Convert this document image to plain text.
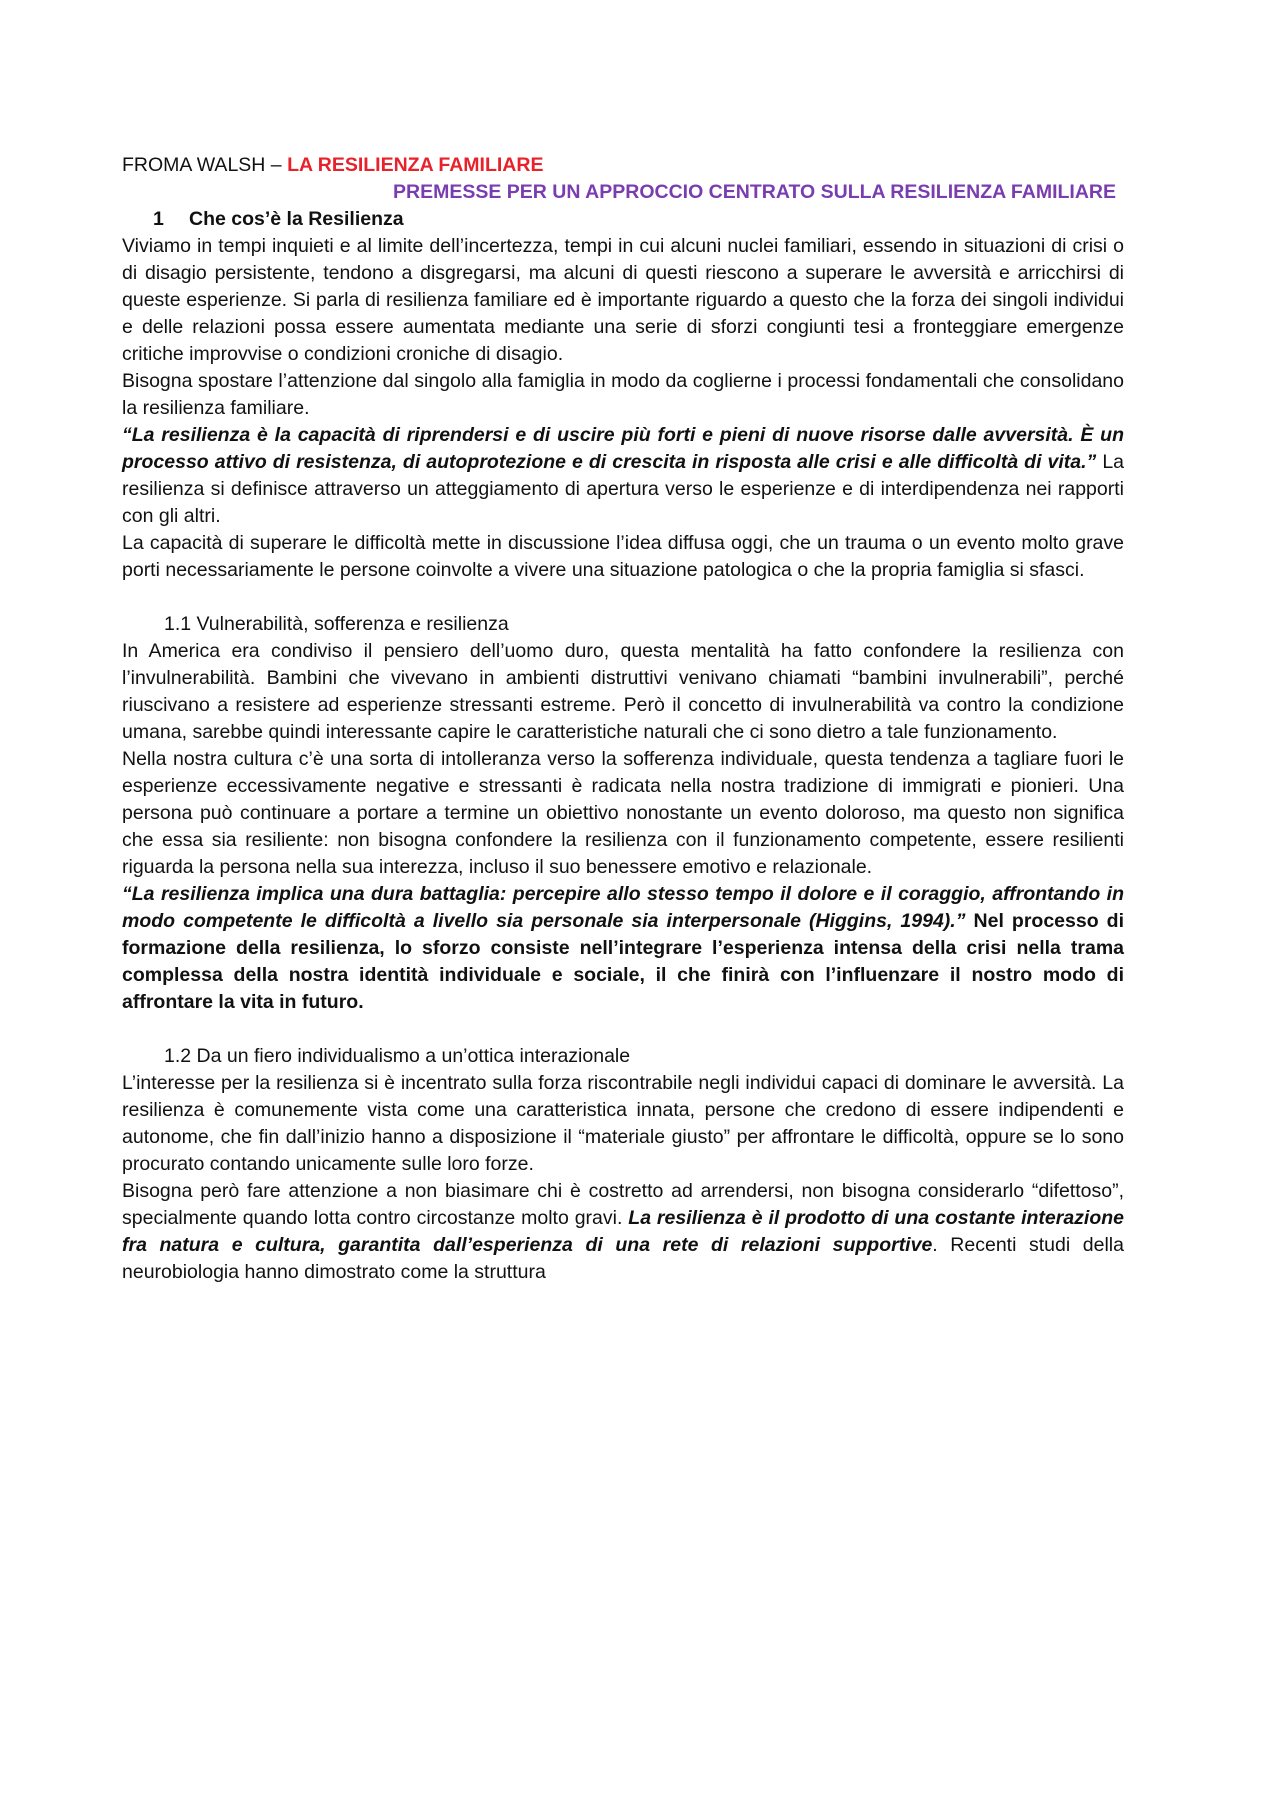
FROMA WALSH – LA RESILIENZA FAMILIARE

PREMESSE PER UN APPROCCIO CENTRATO SULLA RESILIENZA FAMILIARE

1 Che cos’è la Resilienza

Viviamo in tempi inquieti e al limite dell’incertezza, tempi in cui alcuni nuclei familiari, essendo in situazioni di crisi o di disagio persistente, tendono a disgregarsi, ma alcuni di questi riescono a superare le avversità e arricchirsi di queste esperienze. Si parla di resilienza familiare ed è importante riguardo a questo che la forza dei singoli individui e delle relazioni possa essere aumentata mediante una serie di sforzi congiunti tesi a fronteggiare emergenze critiche improvvise o condizioni croniche di disagio.

Bisogna spostare l’attenzione dal singolo alla famiglia in modo da coglierne i processi fondamentali che consolidano la resilienza familiare.

“La resilienza è la capacità di riprendersi e di uscire più forti e pieni di nuove risorse dalle avversità. È un processo attivo di resistenza, di autoprotezione e di crescita in risposta alle crisi e alle difficoltà di vita.” La resilienza si definisce attraverso un atteggiamento di apertura verso le esperienze e di interdipendenza nei rapporti con gli altri.

La capacità di superare le difficoltà mette in discussione l’idea diffusa oggi, che un trauma o un evento molto grave porti necessariamente le persone coinvolte a vivere una situazione patologica o che la propria famiglia si sfasci.

1.1 Vulnerabilità, sofferenza e resilienza

In America era condiviso il pensiero dell’uomo duro, questa mentalità ha fatto confondere la resilienza con l’invulnerabilità. Bambini che vivevano in ambienti distruttivi venivano chiamati “bambini invulnerabili”, perché riuscivano a resistere ad esperienze stressanti estreme. Però il concetto di invulnerabilità va contro la condizione umana, sarebbe quindi interessante capire le caratteristiche naturali che ci sono dietro a tale funzionamento.

Nella nostra cultura c’è una sorta di intolleranza verso la sofferenza individuale, questa tendenza a tagliare fuori le esperienze eccessivamente negative e stressanti è radicata nella nostra tradizione di immigrati e pionieri. Una persona può continuare a portare a termine un obiettivo nonostante un evento doloroso, ma questo non significa che essa sia resiliente: non bisogna confondere la resilienza con il funzionamento competente, essere resilienti riguarda la persona nella sua interezza, incluso il suo benessere emotivo e relazionale.

“La resilienza implica una dura battaglia: percepire allo stesso tempo il dolore e il coraggio, affrontando in modo competente le difficoltà a livello sia personale sia interpersonale (Higgins, 1994).” Nel processo di formazione della resilienza, lo sforzo consiste nell’integrare l’esperienza intensa della crisi nella trama complessa della nostra identità individuale e sociale, il che finirà con l’influenzare il nostro modo di affrontare la vita in futuro.

1.2 Da un fiero individualismo a un’ottica interazionale

L’interesse per la resilienza si è incentrato sulla forza riscontrabile negli individui capaci di dominare le avversità. La resilienza è comunemente vista come una caratteristica innata, persone che credono di essere indipendenti e autonome, che fin dall’inizio hanno a disposizione il “materiale giusto” per affrontare le difficoltà, oppure se lo sono procurato contando unicamente sulle loro forze.

Bisogna però fare attenzione a non biasimare chi è costretto ad arrendersi, non bisogna considerarlo “difettoso”, specialmente quando lotta contro circostanze molto gravi. La resilienza è il prodotto di una costante interazione fra natura e cultura, garantita dall’esperienza di una rete di relazioni supportive. Recenti studi della neurobiologia hanno dimostrato come la struttura
